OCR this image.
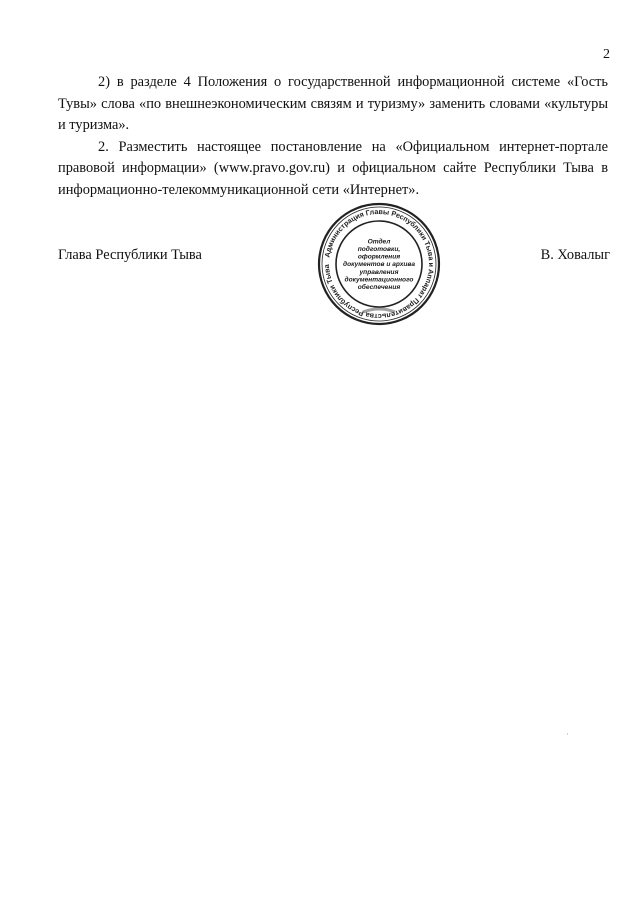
2

2) в разделе 4 Положения о государственной информационной системе «Гость Тувы» слова «по внешнеэкономическим связям и туризму» заменить словами «культуры и туризма».

2. Разместить настоящее постановление на «Официальном интернет-портале правовой информации» (www.pravo.gov.ru) и официальном сайте Республики Тыва в информационно-телекоммуникационной сети «Интернет».

Глава Республики Тыва	Администрация Главы Республики Тыва и Аппарат Правительства Республики Тыва
Отдел
подготовки,
оформления
документов и архива
управления
документационного
обеспечения
В. Ховалыг
